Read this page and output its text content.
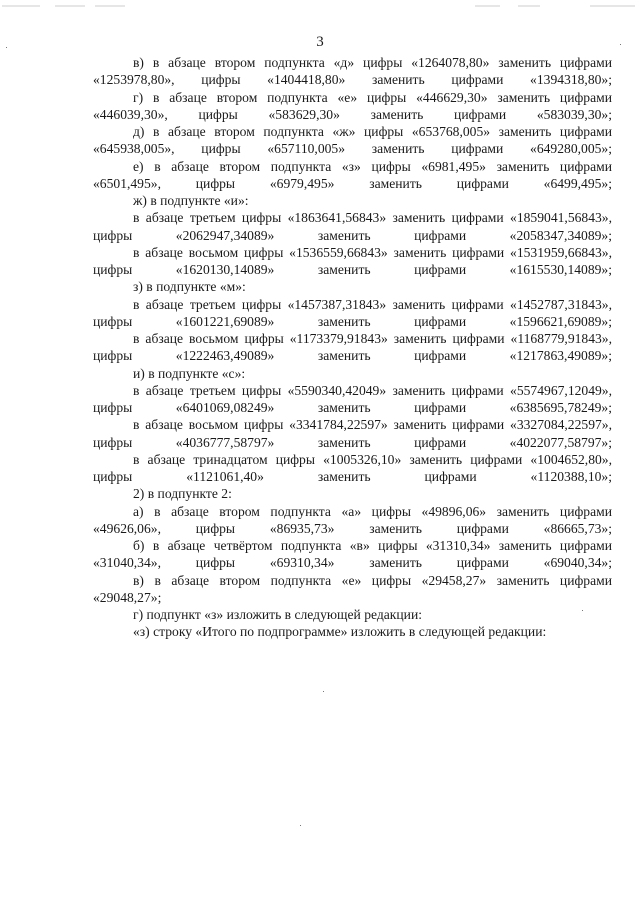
3

в) в абзаце втором подпункта «д» цифры «1264078,80» заменить цифрами «1253978,80», цифры «1404418,80» заменить цифрами «1394318,80»;

г) в абзаце втором подпункта «е» цифры «446629,30» заменить цифрами «446039,30», цифры «583629,30» заменить цифрами «583039,30»;

д) в абзаце втором подпункта «ж» цифры «653768,005» заменить цифрами «645938,005», цифры «657110,005» заменить цифрами «649280,005»;

е) в абзаце втором подпункта «з» цифры «6981,495» заменить цифрами «6501,495», цифры «6979,495» заменить цифрами «6499,495»;

ж) в подпункте «и»:

в абзаце третьем цифры «1863641,56843» заменить цифрами «1859041,56843», цифры «2062947,34089» заменить цифрами «2058347,34089»;

в абзаце восьмом цифры «1536559,66843» заменить цифрами «1531959,66843», цифры «1620130,14089» заменить цифрами «1615530,14089»;

з) в подпункте «м»:

в абзаце третьем цифры «1457387,31843» заменить цифрами «1452787,31843», цифры «1601221,69089» заменить цифрами «1596621,69089»;

в абзаце восьмом цифры «1173379,91843» заменить цифрами «1168779,91843», цифры «1222463,49089» заменить цифрами «1217863,49089»;

и) в подпункте «с»:

в абзаце третьем цифры «5590340,42049» заменить цифрами «5574967,12049», цифры «6401069,08249» заменить цифрами «6385695,78249»;

в абзаце восьмом цифры «3341784,22597» заменить цифрами «3327084,22597», цифры «4036777,58797» заменить цифрами «4022077,58797»;

в абзаце тринадцатом цифры «1005326,10» заменить цифрами «1004652,80», цифры «1121061,40» заменить цифрами «1120388,10»;

2) в подпункте 2:

а) в абзаце втором подпункта «а» цифры «49896,06» заменить цифрами «49626,06», цифры «86935,73» заменить цифрами «86665,73»;

б) в абзаце четвёртом подпункта «в» цифры «31310,34» заменить цифрами «31040,34», цифры «69310,34» заменить цифрами «69040,34»;

в) в абзаце втором подпункта «е» цифры «29458,27» заменить цифрами «29048,27»;

г) подпункт «з» изложить в следующей редакции:

«з) строку «Итого по подпрограмме» изложить в следующей редакции:
